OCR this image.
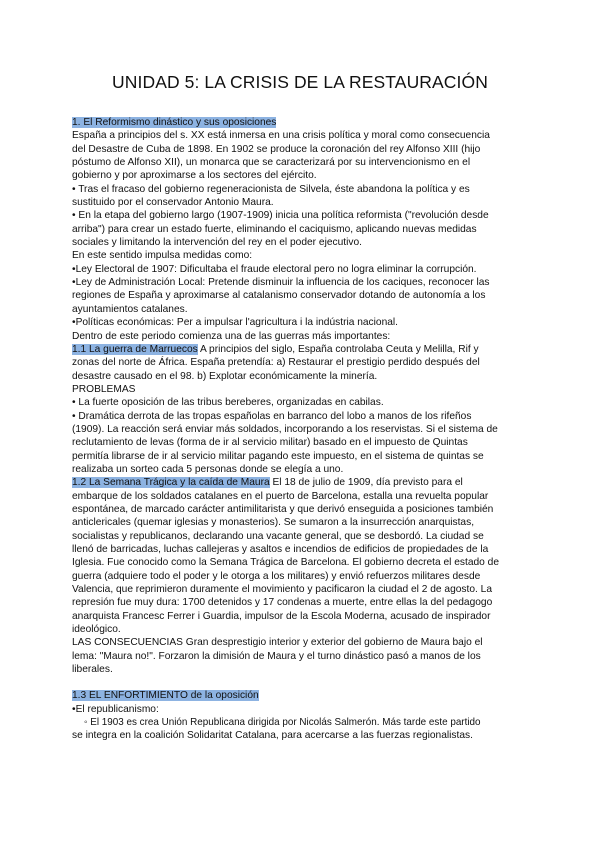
UNIDAD 5: LA CRISIS DE LA RESTAURACIÓN

1. El Reformismo dinástico y sus oposiciones

España a principios del s. XX está inmersa en una crisis política y moral como consecuencia

del Desastre de Cuba de 1898. En 1902 se produce la coronación del rey Alfonso XIII (hijo

póstumo de Alfonso XII), un monarca que se caracterizará por su intervencionismo en el

gobierno y por aproximarse a los sectores del ejército.

• Tras el fracaso del gobierno regeneracionista de Silvela, éste abandona la política y es

sustituido por el conservador Antonio Maura.

• En la etapa del gobierno largo (1907-1909) inicia una política reformista ("revolución desde

arriba") para crear un estado fuerte, eliminando el caciquismo, aplicando nuevas medidas

sociales y limitando la intervención del rey en el poder ejecutivo.

En este sentido impulsa medidas como:

•Ley Electoral de 1907: Dificultaba el fraude electoral pero no logra eliminar la corrupción.

•Ley de Administración Local: Pretende disminuir la influencia de los caciques, reconocer las

regiones de España y aproximarse al catalanismo conservador dotando de autonomía a los

ayuntamientos catalanes.

•Políticas económicas: Per a impulsar l'agricultura i la indústria nacional.

Dentro de este periodo comienza una de las guerras más importantes:

1.1 La guerra de Marruecos A principios del siglo, España controlaba Ceuta y Melilla, Rif y

zonas del norte de África. España pretendía: a) Restaurar el prestigio perdido después del

desastre causado en el 98. b) Explotar económicamente la minería.

PROBLEMAS

• La fuerte oposición de las tribus bereberes, organizadas en cabilas.

• Dramática derrota de las tropas españolas en barranco del lobo a manos de los rifeños

(1909). La reacción será enviar más soldados, incorporando a los reservistas. Si el sistema de

reclutamiento de levas (forma de ir al servicio militar) basado en el impuesto de Quintas

permitía librarse de ir al servicio militar pagando este impuesto, en el sistema de quintas se

realizaba un sorteo cada 5 personas donde se elegía a uno.

1.2 La Semana Trágica y la caída de Maura El 18 de julio de 1909, día previsto para el

embarque de los soldados catalanes en el puerto de Barcelona, estalla una revuelta popular

espontánea, de marcado carácter antimilitarista y que derivó enseguida a posiciones también

anticlericales (quemar iglesias y monasterios). Se sumaron a la insurrección anarquistas,

socialistas y republicanos, declarando una vacante general, que se desbordó. La ciudad se

llenó de barricadas, luchas callejeras y asaltos e incendios de edificios de propiedades de la

Iglesia. Fue conocido como la Semana Trágica de Barcelona. El gobierno decreta el estado de

guerra (adquiere todo el poder y le otorga a los militares) y envió refuerzos militares desde

Valencia, que reprimieron duramente el movimiento y pacificaron la ciudad el 2 de agosto. La

represión fue muy dura: 1700 detenidos y 17 condenas a muerte, entre ellas la del pedagogo

anarquista Francesc Ferrer i Guardia, impulsor de la Escola Moderna, acusado de inspirador

ideológico.

LAS CONSECUENCIAS Gran desprestigio interior y exterior del gobierno de Maura bajo el

lema: "Maura no!". Forzaron la dimisión de Maura y el turno dinástico pasó a manos de los

liberales.

1.3 EL ENFORTIMIENTO de la oposición

•El republicanismo:

◦ El 1903 es crea Unión Republicana dirigida por Nicolás Salmerón. Más tarde este partido

se integra en la coalición Solidaritat Catalana, para acercarse a las fuerzas regionalistas.
